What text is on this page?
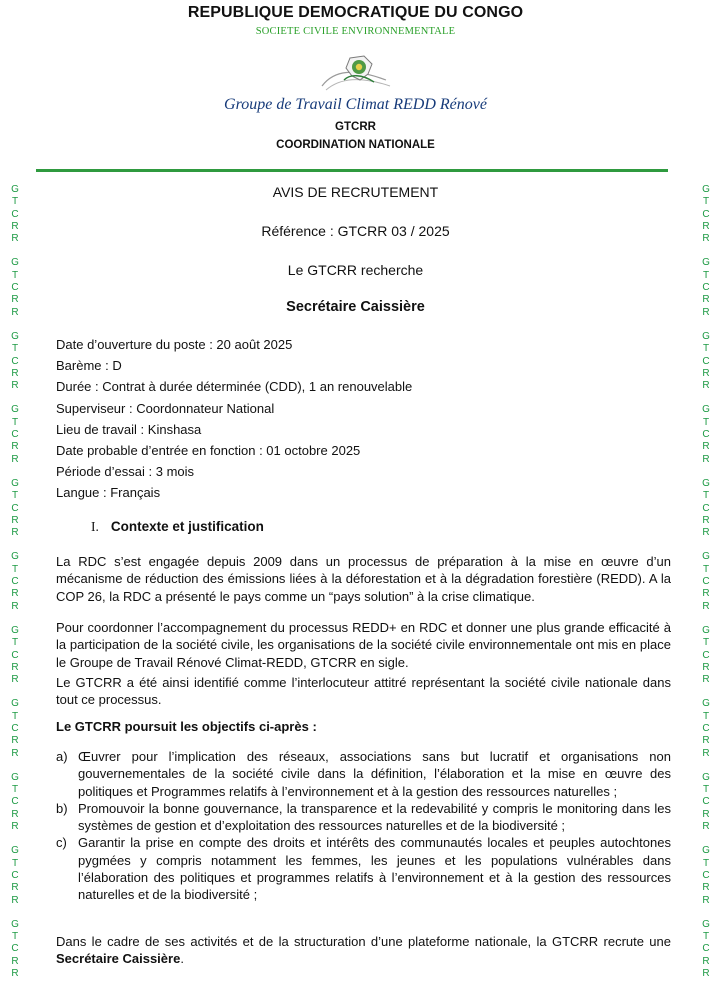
G
T
C
R
R
G
T
C
R
R
G
T
C
R
R
G
T
C
R
R
G
T
C
R
R
G
T
C
R
R
G
T
C
R
R
G
T
C
R
R
G
T
C
R
R
G
T
C
R
R
G
T
C
R
R
G
T
C
R
R
G
T
C
R
R
G
T
C
R
R
G
T
C
R
R
G
T
C
R
R
G
T
C
R
R
G
T
C
R
R
G
T
C
R
R
G
T
C
R
R
G
T
C
R
R
G
T
C
R
R
REPUBLIQUE DEMOCRATIQUE DU CONGO
SOCIETE CIVILE ENVIRONNEMENTALE
Groupe de Travail Climat REDD Rénové
GTCRR
COORDINATION NATIONALE
AVIS DE RECRUTEMENT
Référence : GTCRR 03 / 2025
Le GTCRR recherche
Secrétaire Caissière
Date d’ouverture du poste : 20 août 2025
Barème : D
Durée : Contrat à durée déterminée (CDD), 1 an renouvelable
Superviseur : Coordonnateur National
Lieu de travail : Kinshasa
Date probable d’entrée en fonction : 01 octobre 2025
Période d’essai : 3 mois
Langue : Français
I. Contexte et justification
La RDC s’est engagée depuis 2009 dans un processus de préparation à la mise en œuvre d’un mécanisme de réduction des émissions liées à la déforestation et à la dégradation forestière (REDD). A la COP 26, la RDC a présenté le pays comme un “pays solution” à la crise climatique.
Pour coordonner l’accompagnement du processus REDD+ en RDC et donner une plus grande efficacité à la participation de la société civile, les organisations de la société civile environnementale ont mis en place le Groupe de Travail Rénové Climat-REDD, GTCRR en sigle.
Le GTCRR a été ainsi identifié comme l’interlocuteur attitré représentant la société civile nationale dans tout ce processus.
Le GTCRR poursuit les objectifs ci-après :
a) Œuvrer pour l’implication des réseaux, associations sans but lucratif et organisations non gouvernementales de la société civile dans la définition, l’élaboration et la mise en œuvre des politiques et Programmes relatifs à l’environnement et à la gestion des ressources naturelles ;
b) Promouvoir la bonne gouvernance, la transparence et la redevabilité y compris le monitoring dans les systèmes de gestion et d’exploitation des ressources naturelles et de la biodiversité ;
c) Garantir la prise en compte des droits et intérêts des communautés locales et peuples autochtones pygmées y compris notamment les femmes, les jeunes et les populations vulnérables dans l’élaboration des politiques et programmes relatifs à l’environnement et à la gestion des ressources naturelles et de la biodiversité ;
Dans le cadre de ses activités et de la structuration d’une plateforme nationale, la GTCRR recrute une Secrétaire Caissière.
